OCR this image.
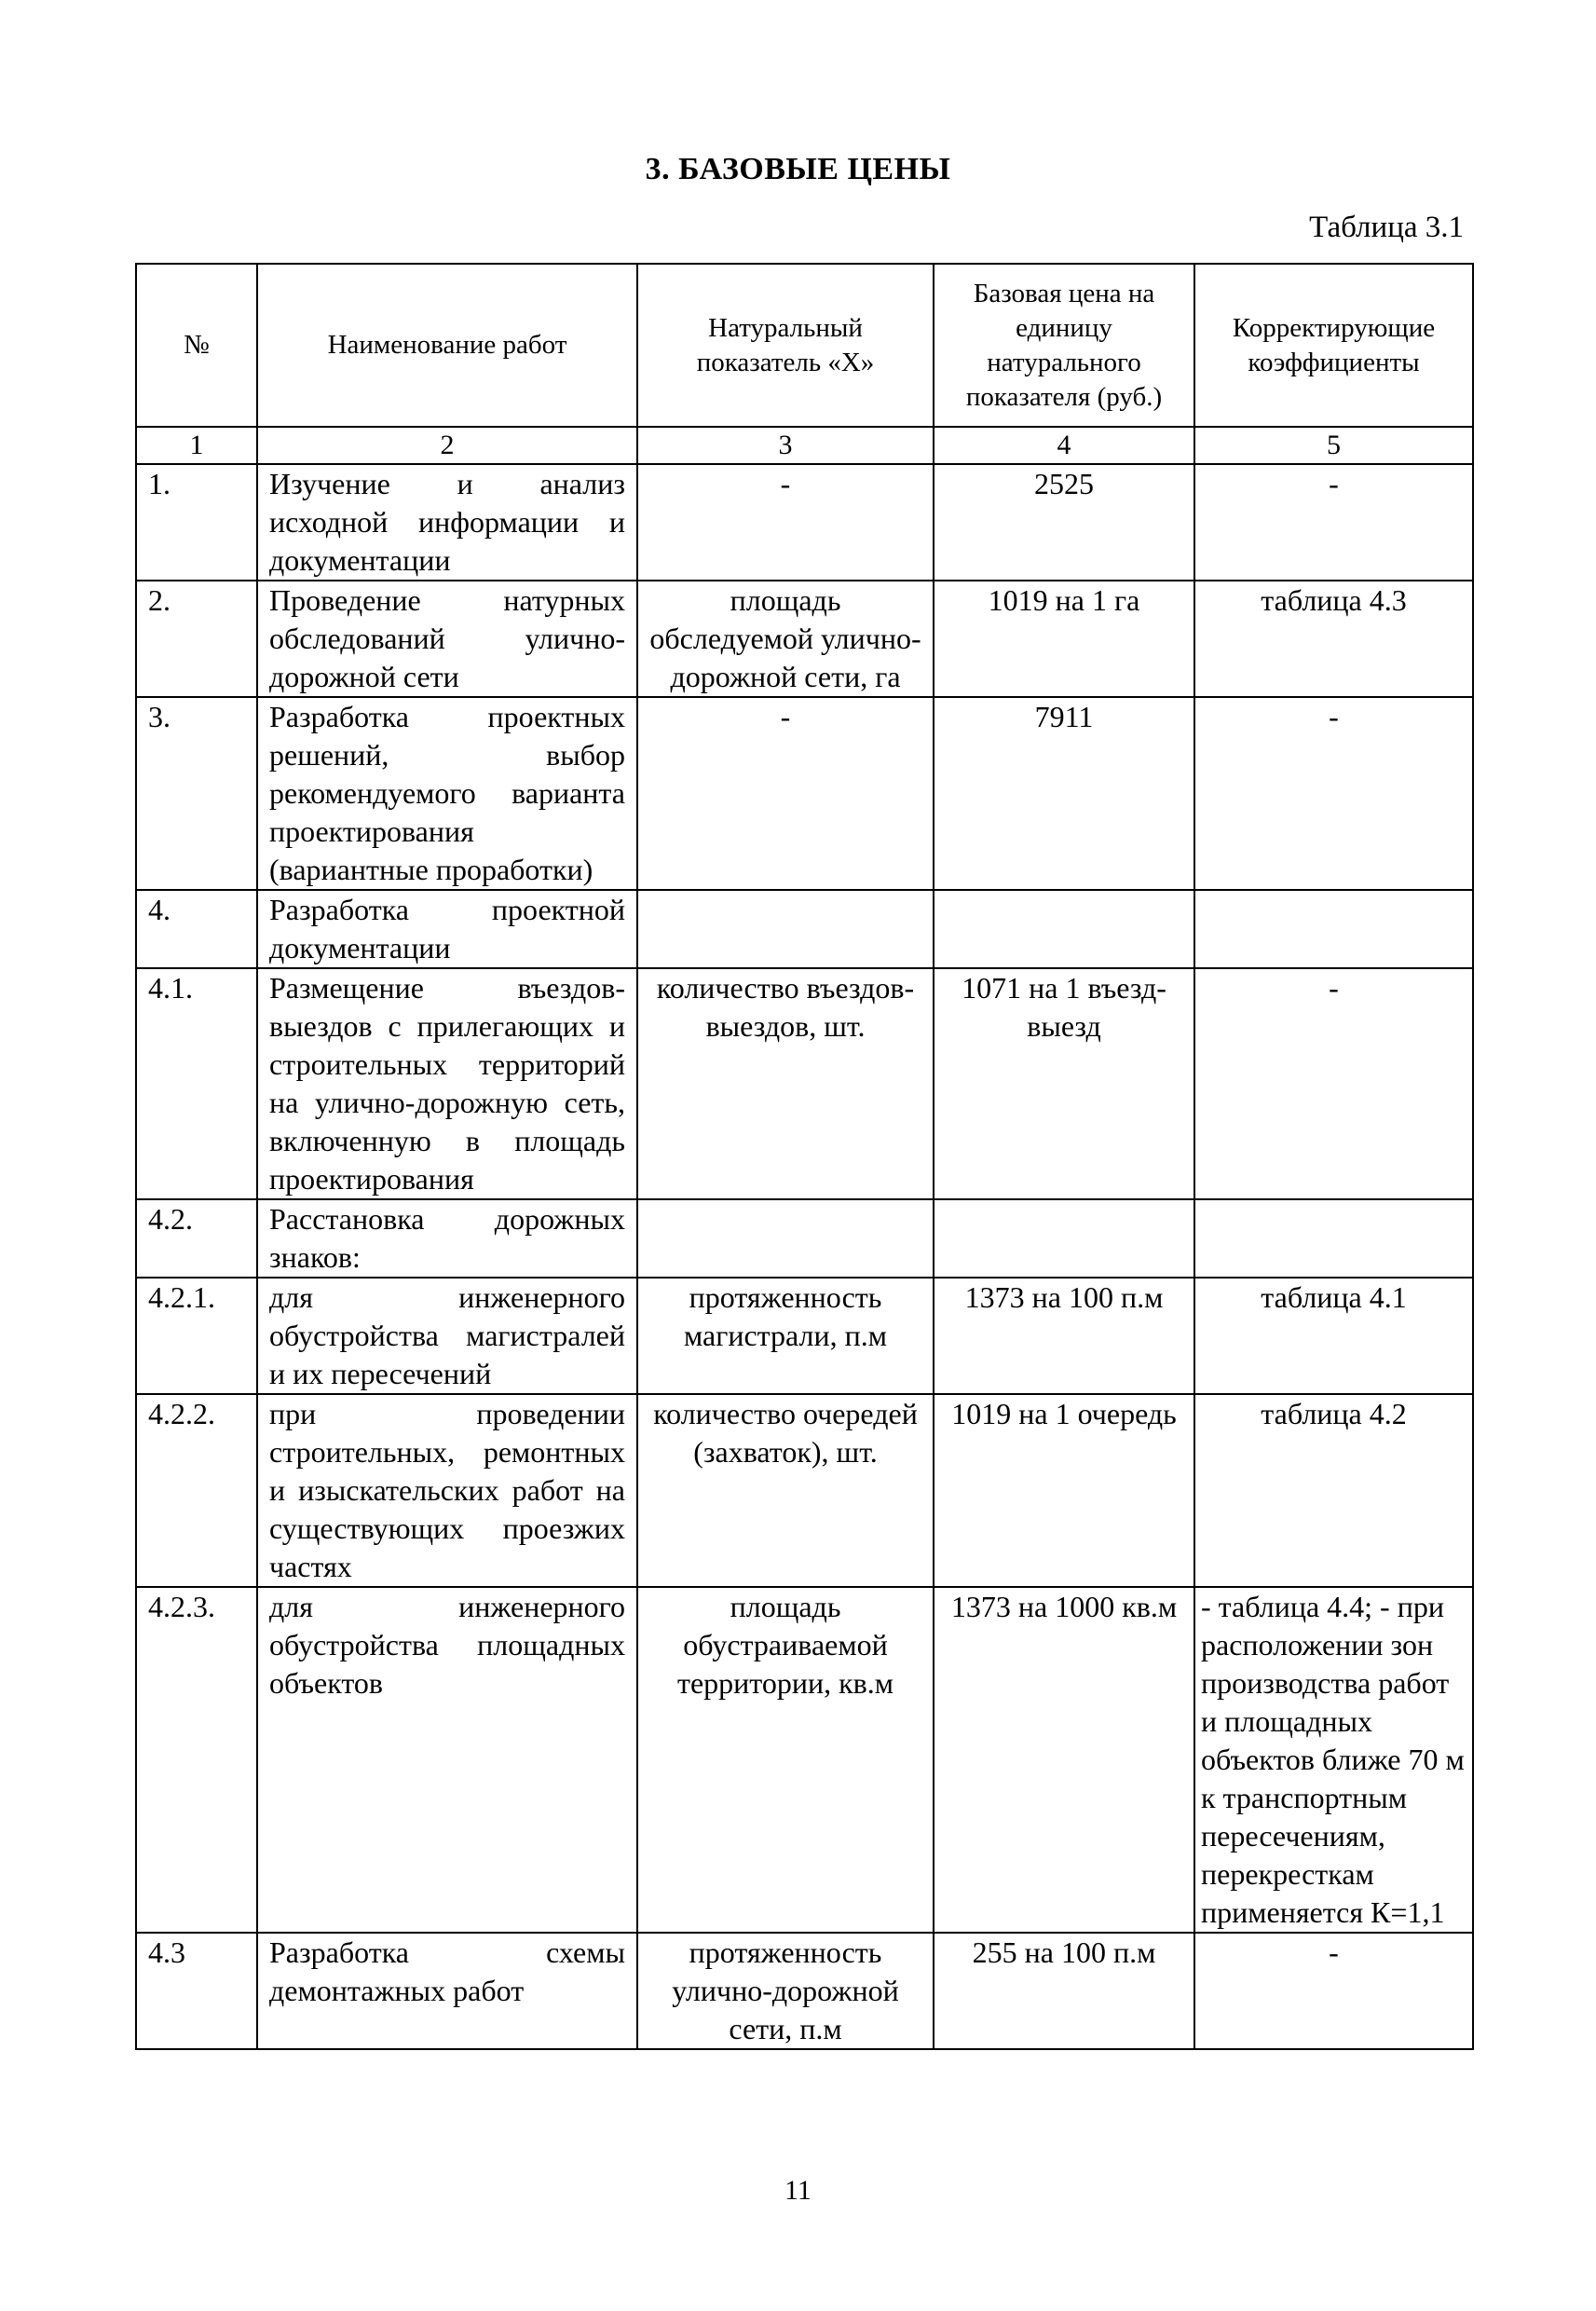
3. БАЗОВЫЕ ЦЕНЫ
Таблица 3.1
№	Наименование работ	Натуральный показатель «Х»	Базовая цена на единицу натурального показателя (руб.)	Корректирующие коэффициенты
1	2	3	4	5
1.	Изучение и анализ исходной информации и документации	-	2525	-
2.	Проведение натурных обследований улично-дорожной сети	площадь обследуемой улично-дорожной сети, га	1019 на 1 га	таблица 4.3
3.	Разработка проектных решений, выбор рекомендуемого варианта проектирования (вариантные проработки)	-	7911	-
4.	Разработка проектной документации			
4.1.	Размещение въездов-выездов с прилегающих и строительных территорий на улично-дорожную сеть, включенную в площадь проектирования	количество въездов-выездов, шт.	1071 на 1 въезд-выезд	-
4.2.	Расстановка дорожных знаков:			
4.2.1.	для инженерного обустройства магистралей и их пересечений	протяженность магистрали, п.м	1373 на 100 п.м	таблица 4.1
4.2.2.	при проведении строительных, ремонтных и изыскательских работ на существующих проезжих частях	количество очередей (захваток), шт.	1019 на 1 очередь	таблица 4.2
4.2.3.	для инженерного обустройства площадных объектов	площадь обустраиваемой территории, кв.м	1373 на 1000 кв.м	- таблица 4.4; - при расположении зон производства работ и площадных объектов ближе 70 м к транспортным пересечениям, перекресткам применяется К=1,1
4.3	Разработка схемы демонтажных работ	протяженность улично-дорожной сети, п.м	255 на 100 п.м	-
11
